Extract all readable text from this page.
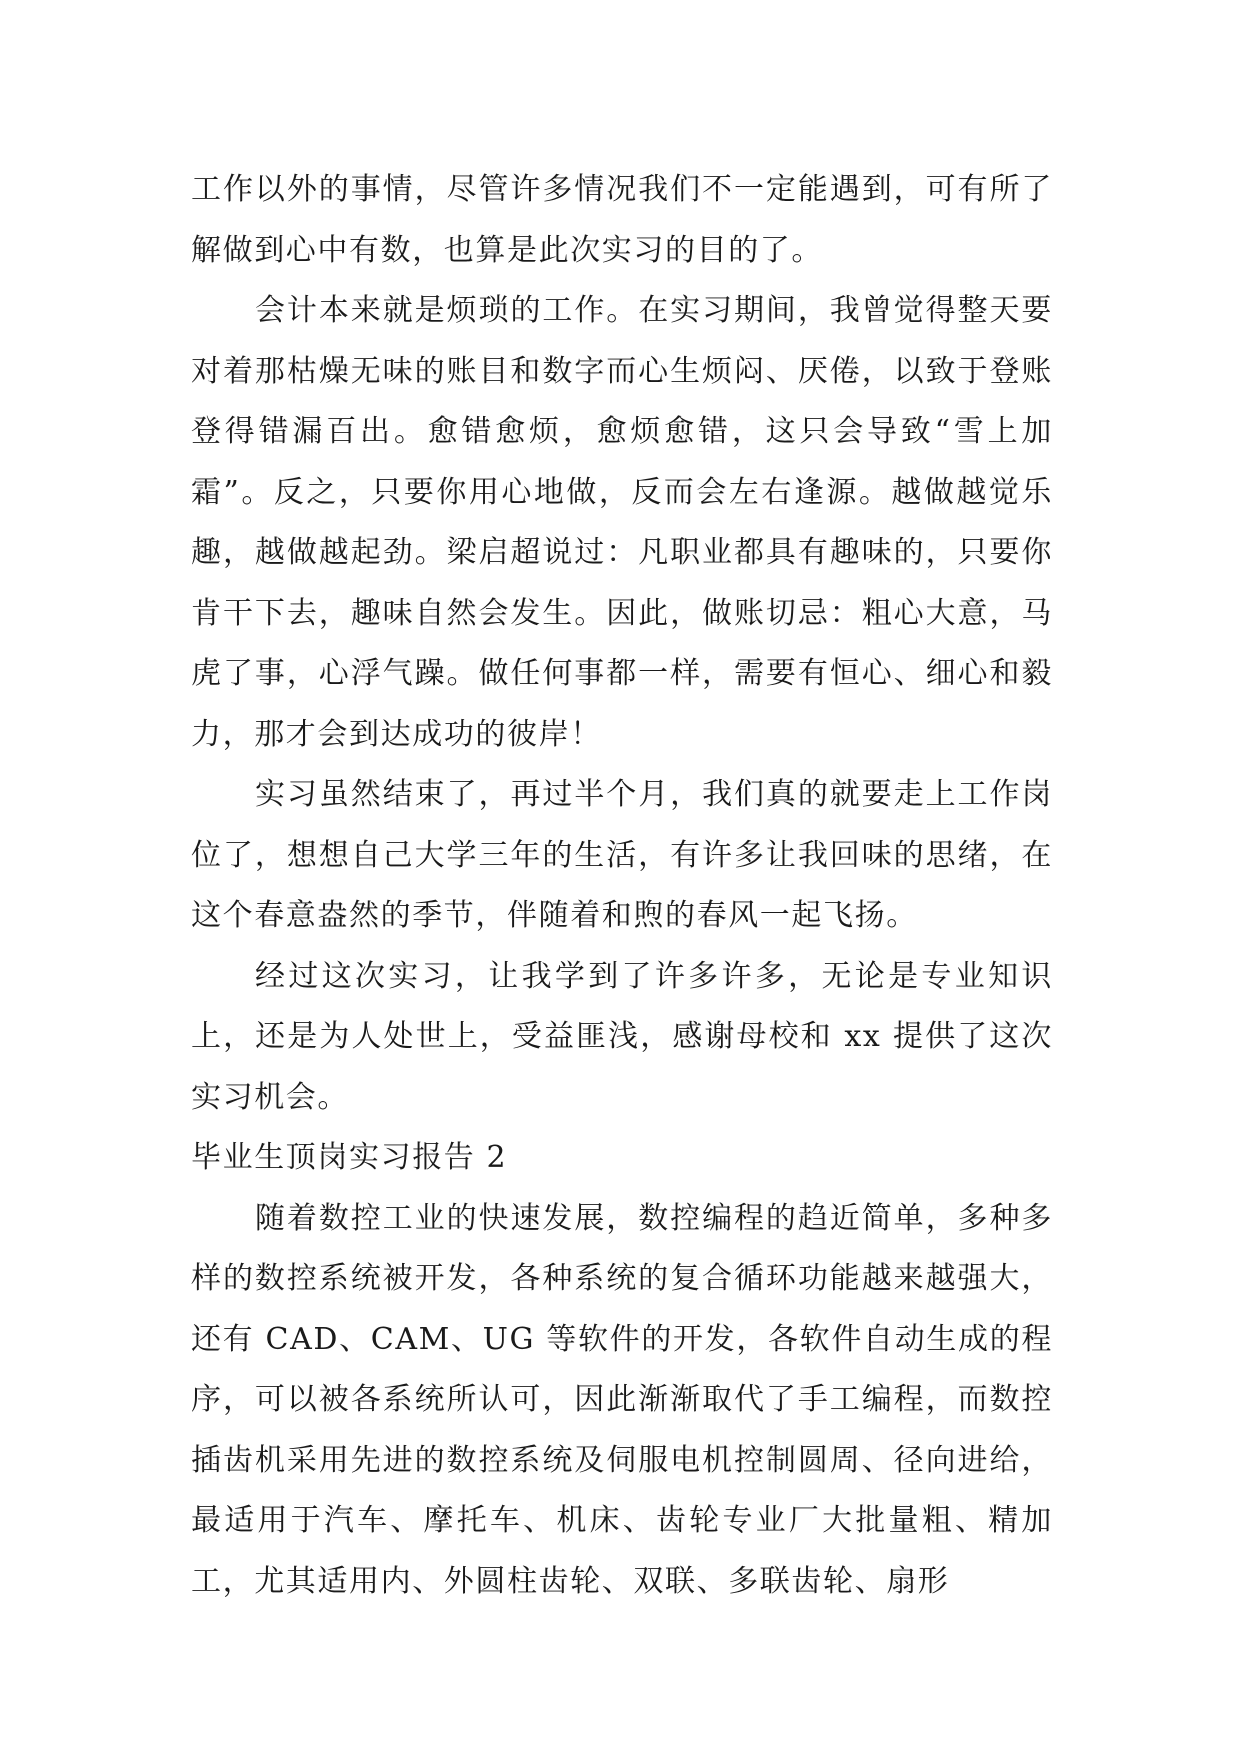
工作以外的事情，尽管许多情况我们不一定能遇到，可有所了解做到心中有数，也算是此次实习的目的了。

会计本来就是烦琐的工作。在实习期间，我曾觉得整天要对着那枯燥无味的账目和数字而心生烦闷、厌倦，以致于登账登得错漏百出。愈错愈烦，愈烦愈错，这只会导致“雪上加霜”。反之，只要你用心地做，反而会左右逢源。越做越觉乐趣，越做越起劲。梁启超说过：凡职业都具有趣味的，只要你肯干下去，趣味自然会发生。因此，做账切忌：粗心大意，马虎了事，心浮气躁。做任何事都一样，需要有恒心、细心和毅力，那才会到达成功的彼岸！

实习虽然结束了，再过半个月，我们真的就要走上工作岗位了，想想自己大学三年的生活，有许多让我回味的思绪，在这个春意盎然的季节，伴随着和煦的春风一起飞扬。

经过这次实习，让我学到了许多许多，无论是专业知识上，还是为人处世上，受益匪浅，感谢母校和 xx 提供了这次实习机会。

毕业生顶岗实习报告 2

随着数控工业的快速发展，数控编程的趋近简单，多种多样的数控系统被开发，各种系统的复合循环功能越来越强大，还有 CAD、CAM、UG 等软件的开发，各软件自动生成的程序，可以被各系统所认可，因此渐渐取代了手工编程，而数控插齿机采用先进的数控系统及伺服电机控制圆周、径向进给，最适用于汽车、摩托车、机床、齿轮专业厂大批量粗、精加工，尤其适用内、外圆柱齿轮、双联、多联齿轮、扇形
